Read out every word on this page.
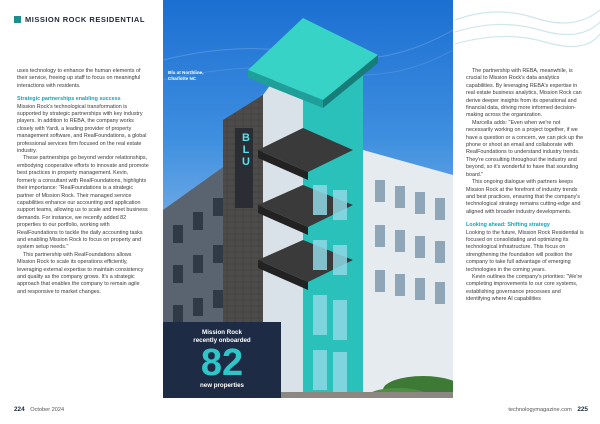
MISSION ROCK RESIDENTIAL

uses technology to enhance the human elements of their service, freeing up staff to focus on meaningful interactions with residents.

Strategic partnerships enabling success

Mission Rock's technological transformation is supported by strategic partnerships with key industry players. In addition to REBA, the company works closely with Yardi, a leading provider of property management software, and RealFoundations, a global professional services firm focused on the real estate industry.

These partnerships go beyond vendor relationships, embodying cooperative efforts to innovate and promote best practices in property management. Kevin, formerly a consultant with RealFoundations, highlights their importance: "RealFoundations is a strategic partner of Mission Rock. Their managed service capabilities enhance our accounting and application support teams, allowing us to scale and meet business demands. For instance, we recently added 82 properties to our portfolio, working with RealFoundations to tackle the daily accounting tasks and enabling Mission Rock to focus on property and system setup needs."

This partnership with RealFoundations allows Mission Rock to scale its operations efficiently, leveraging external expertise to maintain consistency and quality as the company grows. It's a strategic approach that enables the company to remain agile and responsive to market changes.

BLU
Blu at Northline,
Charlotte NC
Mission Rock
recently onboarded
82
new properties

The partnership with REBA, meanwhile, is crucial to Mission Rock's data analytics capabilities. By leveraging REBA's expertise in real estate business analytics, Mission Rock can derive deeper insights from its operational and financial data, driving more informed decision-making across the organization.

Marcella adds: "Even when we're not necessarily working on a project together, if we have a question or a concern, we can pick up the phone or shoot an email and collaborate with RealFoundations to understand industry trends. They're consulting throughout the industry and beyond, so it's wonderful to have that sounding board."

This ongoing dialogue with partners keeps Mission Rock at the forefront of industry trends and best practices, ensuring that the company's technological strategy remains cutting-edge and aligned with broader industry developments.

Looking ahead: Shifting strategy

Looking to the future, Mission Rock Residential is focused on consolidating and optimizing its technological infrastructure. This focus on strengthening the foundation will position the company to take full advantage of emerging technologies in the coming years.

Kevin outlines the company's priorities: "We're completing improvements to our core systems, establishing governance processes and identifying where AI capabilities

224 October 2024	technologymagazine.com 225
